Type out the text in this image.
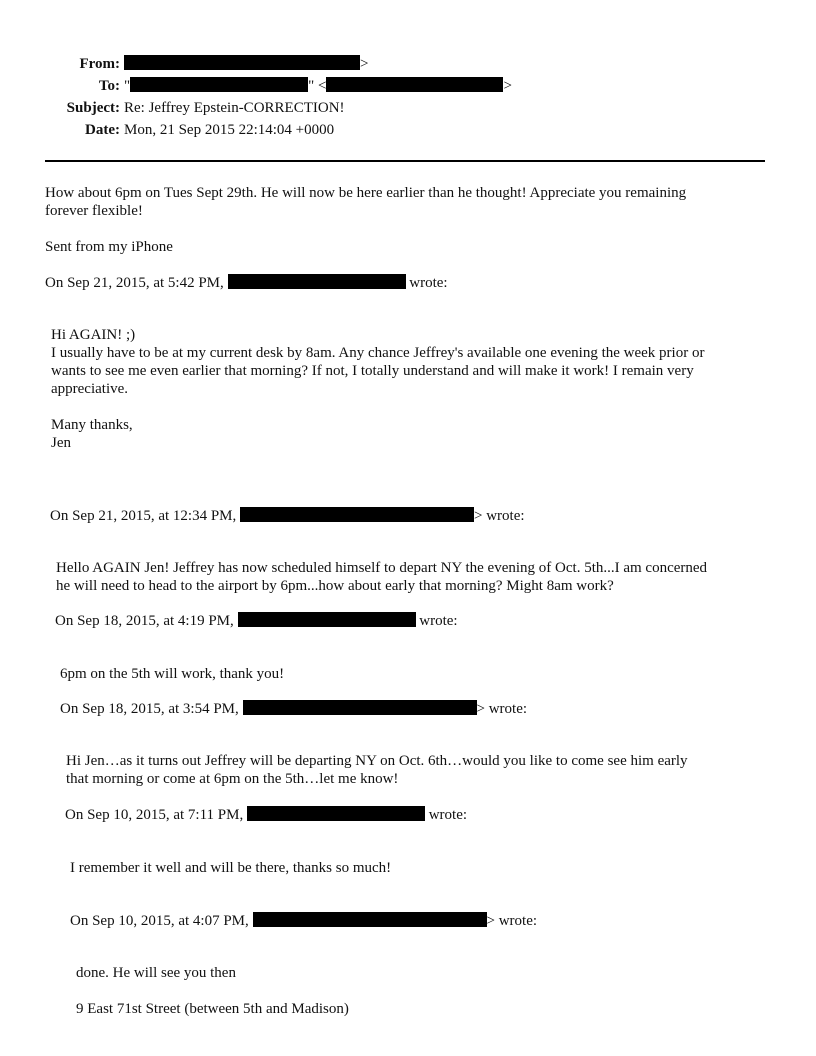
From:	>
To: "	" <	>
Subject: Re: Jeffrey Epstein-CORRECTION!
Date: Mon, 21 Sep 2015 22:14:04 +0000
How about 6pm on Tues Sept 29th. He will now be here earlier than he thought! Appreciate you remaining
forever flexible!
Sent from my iPhone
On Sep 21, 2015, at 5:42 PM,	wrote:
Hi AGAIN! ;)
I usually have to be at my current desk by 8am. Any chance Jeffrey's available one evening the week prior or
wants to see me even earlier that morning? If not, I totally understand and will make it work! I remain very
appreciative.
Many thanks,
Jen
On Sep 21, 2015, at 12:34 PM,	> wrote:
Hello AGAIN Jen! Jeffrey has now scheduled himself to depart NY the evening of Oct. 5th...I am concerned
he will need to head to the airport by 6pm...how about early that morning? Might 8am work?
On Sep 18, 2015, at 4:19 PM,	wrote:
6pm on the 5th will work, thank you!
On Sep 18, 2015, at 3:54 PM,	> wrote:
Hi Jen…as it turns out Jeffrey will be departing NY on Oct. 6th…would you like to come see him early
that morning or come at 6pm on the 5th…let me know!
On Sep 10, 2015, at 7:11 PM,	wrote:
I remember it well and will be there, thanks so much!
On Sep 10, 2015, at 4:07 PM,	> wrote:
done. He will see you then
9 East 71st Street (between 5th and Madison)
